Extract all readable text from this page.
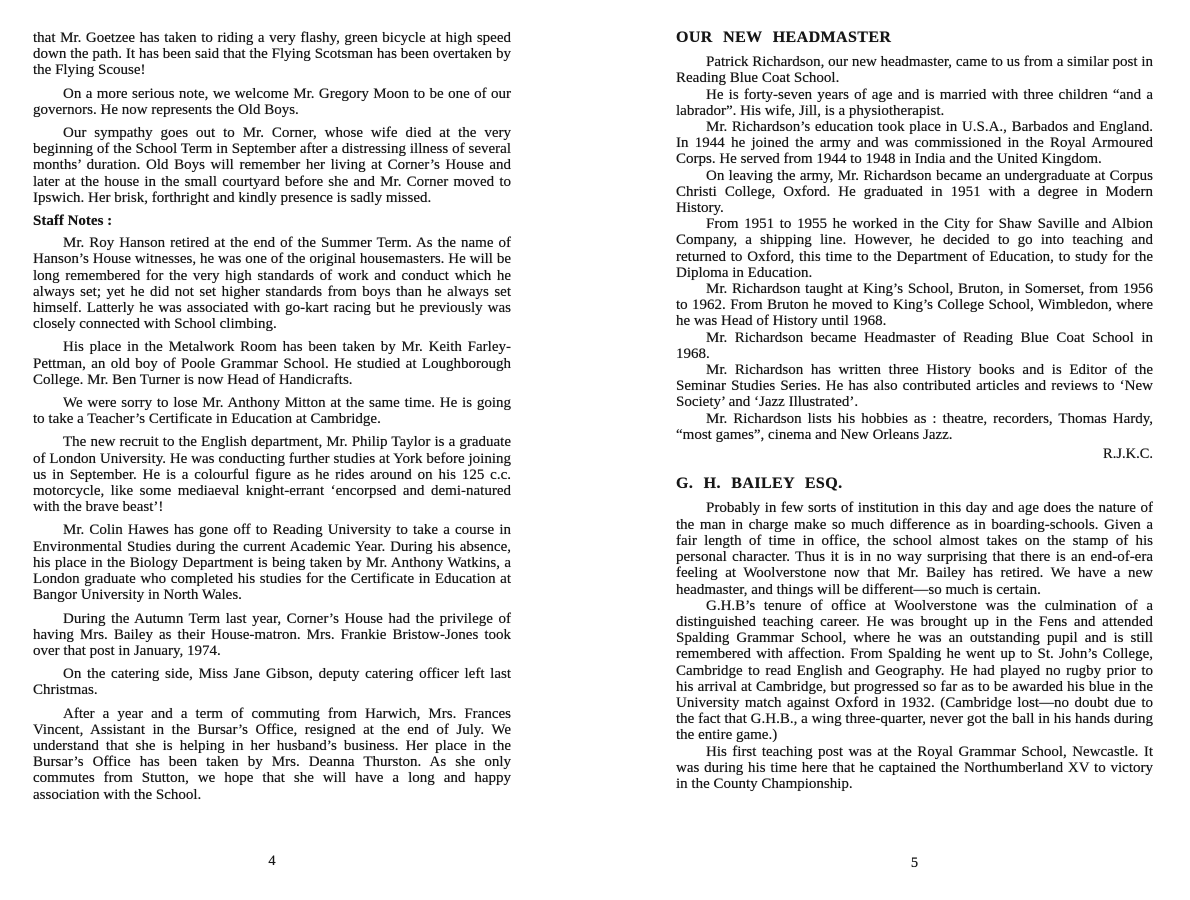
that Mr. Goetzee has taken to riding a very flashy, green bicycle at high speed down the path. It has been said that the Flying Scotsman has been overtaken by the Flying Scouse!

On a more serious note, we welcome Mr. Gregory Moon to be one of our governors. He now represents the Old Boys.

Our sympathy goes out to Mr. Corner, whose wife died at the very beginning of the School Term in September after a distressing illness of several months’ duration. Old Boys will remember her living at Corner’s House and later at the house in the small courtyard before she and Mr. Corner moved to Ipswich. Her brisk, forthright and kindly presence is sadly missed.

Staff Notes :

Mr. Roy Hanson retired at the end of the Summer Term. As the name of Hanson’s House witnesses, he was one of the original housemasters. He will be long remembered for the very high standards of work and conduct which he always set; yet he did not set higher standards from boys than he always set himself. Latterly he was associated with go-kart racing but he previously was closely connected with School climbing.

His place in the Metalwork Room has been taken by Mr. Keith Farley-Pettman, an old boy of Poole Grammar School. He studied at Loughborough College. Mr. Ben Turner is now Head of Handicrafts.

We were sorry to lose Mr. Anthony Mitton at the same time. He is going to take a Teacher’s Certificate in Education at Cambridge.

The new recruit to the English department, Mr. Philip Taylor is a graduate of London University. He was conducting further studies at York before joining us in September. He is a colourful figure as he rides around on his 125 c.c. motorcycle, like some mediaeval knight-errant ‘encorpsed and demi-natured with the brave beast’!

Mr. Colin Hawes has gone off to Reading University to take a course in Environmental Studies during the current Academic Year. During his absence, his place in the Biology Department is being taken by Mr. Anthony Watkins, a London graduate who completed his studies for the Certificate in Education at Bangor University in North Wales.

During the Autumn Term last year, Corner’s House had the privilege of having Mrs. Bailey as their House-matron. Mrs. Frankie Bristow-Jones took over that post in January, 1974.

On the catering side, Miss Jane Gibson, deputy catering officer left last Christmas.

After a year and a term of commuting from Harwich, Mrs. Frances Vincent, Assistant in the Bursar’s Office, resigned at the end of July. We understand that she is helping in her husband’s business. Her place in the Bursar’s Office has been taken by Mrs. Deanna Thurston. As she only commutes from Stutton, we hope that she will have a long and happy association with the School.

OUR NEW HEADMASTER

Patrick Richardson, our new headmaster, came to us from a similar post in Reading Blue Coat School.

He is forty-seven years of age and is married with three children “and a labrador”. His wife, Jill, is a physiotherapist.

Mr. Richardson’s education took place in U.S.A., Barbados and England. In 1944 he joined the army and was commissioned in the Royal Armoured Corps. He served from 1944 to 1948 in India and the United Kingdom.

On leaving the army, Mr. Richardson became an undergraduate at Corpus Christi College, Oxford. He graduated in 1951 with a degree in Modern History.

From 1951 to 1955 he worked in the City for Shaw Saville and Albion Company, a shipping line. However, he decided to go into teaching and returned to Oxford, this time to the Department of Education, to study for the Diploma in Education.

Mr. Richardson taught at King’s School, Bruton, in Somerset, from 1956 to 1962. From Bruton he moved to King’s College School, Wimbledon, where he was Head of History until 1968.

Mr. Richardson became Headmaster of Reading Blue Coat School in 1968.

Mr. Richardson has written three History books and is Editor of the Seminar Studies Series. He has also contributed articles and reviews to ‘New Society’ and ‘Jazz Illustrated’.

Mr. Richardson lists his hobbies as : theatre, recorders, Thomas Hardy, “most games”, cinema and New Orleans Jazz.

R.J.K.C.

G. H. BAILEY ESQ.

Probably in few sorts of institution in this day and age does the nature of the man in charge make so much difference as in boarding-schools. Given a fair length of time in office, the school almost takes on the stamp of his personal character. Thus it is in no way surprising that there is an end-of-era feeling at Woolverstone now that Mr. Bailey has retired. We have a new headmaster, and things will be different—so much is certain.

G.H.B’s tenure of office at Woolverstone was the culmination of a distinguished teaching career. He was brought up in the Fens and attended Spalding Grammar School, where he was an outstanding pupil and is still remembered with affection. From Spalding he went up to St. John’s College, Cambridge to read English and Geography. He had played no rugby prior to his arrival at Cambridge, but progressed so far as to be awarded his blue in the University match against Oxford in 1932. (Cambridge lost—no doubt due to the fact that G.H.B., a wing three-quarter, never got the ball in his hands during the entire game.)

His first teaching post was at the Royal Grammar School, Newcastle. It was during his time here that he captained the Northumberland XV to victory in the County Championship.

4	5
